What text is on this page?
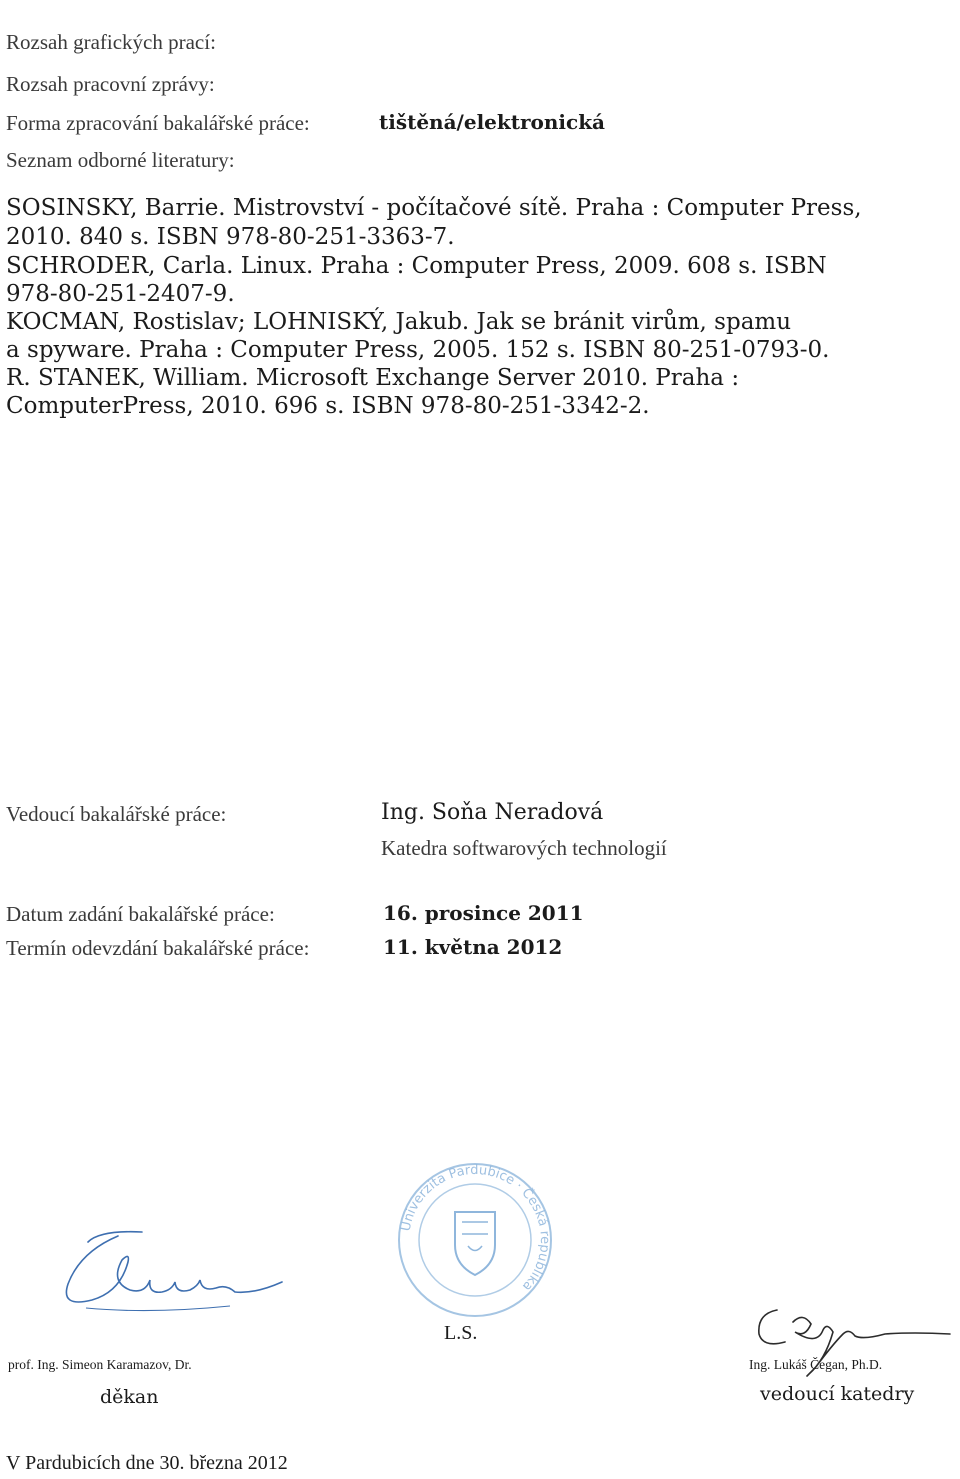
Rozsah grafických prací:
Rozsah pracovní zprávy:
Forma zpracování bakalářské práce:	tištěná/elektronická
Seznam odborné literatury:
SOSINSKY, Barrie. Mistrovství - počítačové sítě. Praha : Computer Press,
2010. 840 s. ISBN 978-80-251-3363-7.
SCHRODER, Carla. Linux. Praha : Computer Press, 2009. 608 s. ISBN
978-80-251-2407-9.
KOCMAN, Rostislav; LOHNISKÝ, Jakub. Jak se bránit virům, spamu
a spyware. Praha : Computer Press, 2005. 152 s. ISBN 80-251-0793-0.
R. STANEK, William. Microsoft Exchange Server 2010. Praha :
ComputerPress, 2010. 696 s. ISBN 978-80-251-3342-2.
Vedoucí bakalářské práce:	Ing. Soňa Neradová
Katedra softwarových technologií
Datum zadání bakalářské práce:	16. prosince 2011
Termín odevzdání bakalářské práce:	11. května 2012
Univerzita Pardubice · Česká republika
L.S.
prof. Ing. Simeon Karamazov, Dr.
děkan
Ing. Lukáš Čegan, Ph.D.
vedoucí katedry
V Pardubicích dne 30. března 2012
